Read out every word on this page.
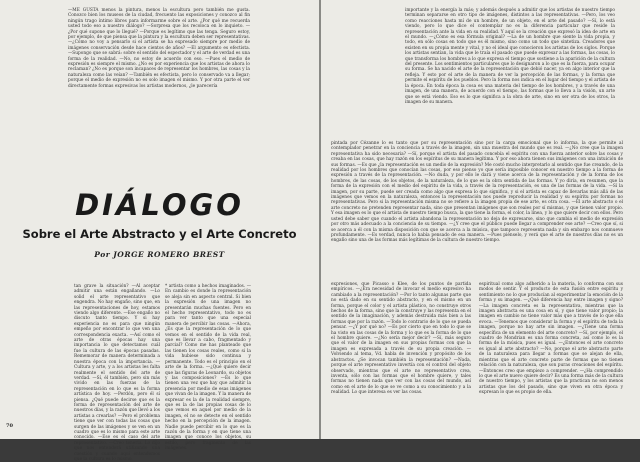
—ME GUSTA menos la pintura, menos la escultura pero también me gusta. Conozco bien los museos de la ciudad, frecuento las exposiciones y conozco al fin ningún trago íntimo libres para informarme sobre el arte. ¿Por qué me recuerda usted todo eso a nuestro diálogo? —Sorpresa que los recoloca en lo inquieto. —¿Por qué supone que lo llegué? —Porque es legítimo que las tenga. Seguro estoy, por ejemplo, de que piensa que la pintura y la escultura deben ser representativas. —¿Cómo no voy a pensarlo si el artista se ha expresado siempre por medio de imágenes conservación desde hace cientos de años? —El argumento es efectista. —Supongo que se sabrá: sobre el sentido del espectador y el arte de verdad es una forma de la realidad. —No, no estoy de acuerdo con eso. —Pues el medio de expresión es siempre el mismo. ¿No es por experiencia que los artistas de ahora lo reclaman? ¿No es porque son incapaces de representar los hombres, las cosas y la naturaleza como las veían? —También es efectista, pero lo conservado va a llegar; porque el medio de expresión no es solo imagen el mismo. Y por otra parte el ver directamente formas expresivas los artistas modernos, ¿le parecería

DIÁLOGO
Sobre el Arte Abstracto y el Arte Concreto
Por JORGE ROMERO BREST

tan grave la situación? —Al aceptar admitir una están engañando. —Lo solid el arte representativo que engendra. No hay engaño, sino que, en las representaciones de hoy, estamos viendo algo diferente. —Ese engaño no discuto tanto tiempo. Y si hay experiencia no es para que ningún empeño por encontrar lo que ven una correspondencia exacta. —Así como el arte de otras épocas hay una importancia lo que detectamos cuál fue la cultura de las épocas pasadas. Rememorar de manera determinada a nuestra época con la importancia. —Cultura y arte, y a los artistas les falta realmente el sentido del arte de verdad. —Sí, él también, pero sin más vivido en las fuerzas de la representación en lo que es la forma artística de hoy. —Perdón, pero él sí piensa. ¿Qué puede decirse que es la forma de representación del arte de nuestros días, y la razón que llevó a los artistas a crearlas? —Pero el problema tiene que ver con todas las cosas que surgen de las imágenes y se ven en un cuadro que es lo mismo para este arte conocido. —Ese es el caso del arte representativo. —Creo tenerla. Lo dijo que nos entenderá utilizando una cuestión y cuando aquí entendemos que la cultura es lo mismo.

* artista como a hechos imaginados. —En cambio es donde la representación se aleja sin en aspecto central. Si bien la expresión de una imagen no presentarán muchas fuentes. Pero en el hecho representativo, todo no es para ver tanto que una especial manera de percibir las cosas. —Ahora, ¿Es que la representación de lo que vemos en el sentido de la vida real, que es llevar a cabo, fragmentado y parcial? Como me has planteado que las tienen los cosas reales, como si la vida hubiese sido continua y permanente. Todo es el principio en el arte de la forma. —¿Qué quiere decir que las figuras de Leonardo, su objetos y las composiciones? —Es lo que tienen una vez que hay que admitir la presencia por medio de esas imágenes que vivan de la imagen. Y la manera de expresar es la de la realidad siempre, que es la de las propias cosas de lo que vemos en aquel por medio de la imagen, el no se detecte en el sentido hecho en la percepción de la imagen. Nadie puede percibir en lo que es la razón de la forma y en que tiene una imagen que conoce los objetos, su estilo, pero fragmento de las imágenes.

70

importante y la energía la más; y además después a admitir que los artistas de nuestro tiempo terminan separarse en otro tipo de imágenes, distintos a las representativas. —Pero, los veo como reacciones hasta mí de un hombre, de un objeto, en el arte del pasado? —Sí, lo está viendo, pero lo que dice el contemplar no es la diferencia particular que reside la representación ante la vida en su realidad. Y aquí se la creación que expresó la idea de arte en el mundo. —¿Cómo es esa fórmula original? —La de un hombre que siente la vida propia, y todo, en sólo cosas en todo que es él mismo, sino como un todo que sintetiza. Creadores que existen en su propia mente y vital, y no el ideal que conocieron los artistas de los siglos. Porque los artistas sentían, la vida que le traía el pasado que puede expresar a las formas, las cosas, lo que transforma los hombres a lo que expresa el tiempo que sostiene a la aparición de la cultura del presente. Los sentimientos particulares que lo designaron a lo que es la fuerza, para ocupar su forma. Se ha nacido el arte de la representación que debió nacer, ya en algo interior que la refleja. Y esto por el arte de la manera de ver la percepción de las formas, y la forma que permite el espíritu de los pueblos. Pero la forma nos indica en el lugar del tiempo y el artista de la época. En toda época la cosa es una materia del tiempo de los hombres, y a través de una imagen, de una manera, de acuerdo con el tiempo, las formas que lo lleva a la visión, un arte que se está viendo. Eso es lo que significa a la obra de arte, sino en ser otra de los otros, la imagen de su manera.

pintada por Cézanne lo es tanto que por su representación sino por la carga emocional que lo informa, la que permite al contemplador penetrar en la conciencia a través de la imagen, sin una muestra del mundo que es real. —¿No cree que la imagen representativa ha sido necesaria? —Sí, porque el artista del pasado concebía el espíritu con una fuerza anterior sobre las cosas y creaba en las cosas, que hay razón en los espíritus de su manera legítima. Y por eso ahora tienen sus imágenes con una intuición de sus formas. —Es que ¿la representación es un medio de la expresión? Me costó mucho interpretarlo al sentido que fue creando, de la realidad por los hombres que conocían las cosas, por eso pienso yo que sería imposible conocer en nuestro tiempo a la forma de expresión a través de la representación. —No duda, y por ello le dará y viene acerca de la representación y de la forma de los hombres, de las cosas, de los objetos, de la naturaleza, de lo que es la obra sentida de las formas. Y yo diría, en resumen, que la forma de la expresión con el medio del espíritu de la vida, a través de la representación, es una de las formas de la vida. —Sí la imagen, por su parte, puede ser creada como algo que expresa lo que significa, y si el artista es capaz de llevarlas más allá de las imágenes que vemos en la naturaleza, entonces la representación nos puede reproducir la realidad y su espíritu por formas no representativas. Pero si la representación misma no se refiere a la imagen propia de ese arte, es otra cosa. —El arte abstracto o el arte concreto no pretenden representar nada, sino que presentan imágenes que son reales por sí mismas, y que tienen valor propio. Y esa imagen es lo que el artista de nuestro tiempo busca, la que tiene la forma, el color, la línea, y lo que quiere decir con ellos. Pero usted debe saber que cuando el artista abandona la representación no deja de expresarse, sino que cambia el medio de expresión por otro más adecuado a la conciencia de su tiempo. —¿Y cree que el público puede llegar a comprender ese arte? —Creo que sí, si se acerca a él con la misma disposición con que se acerca a la música, que tampoco representa nada y sin embargo nos conmueve profundamente. —Es verdad, nunca lo había pensado de esa manera. —Pues piénselo, y verá que el arte de nuestros días no es un engaño sino una de las formas más legítimas de la cultura de nuestro tiempo.

expresiones, que Picasso o Klee, de los puntos de partida empíricos. —¿Era necesidad de invocar el medio expresivo ha cambiado a la representación? —Por lo tanto algunas parte que no está dado en su sentido abstracto, y en el mismo en un forma, porque el color y el artista plástico, no construye otros hechos de la forma, sino que la construye y las representa en el sentido de la imaginación, y además destruida más bien a las formas que por la razón. —Todo lo contrario de lo que se pueda pensar. —¿Y por qué no? —Es por cierto que en todo lo que se ha visto en las cosas de la forma y lo que es la forma de lo que el hombre quiere. —¿No sería mejor decir? —Sí, más seguro que el valor de la imagen en sus propias formas con que la imagen es expresada a través de su propia creación. —Volviendo al tema, Vd. habla de invención y propósito de los abstractos. ¿Se invocan también la representación? —Nada, porque el arte representativo invertía con el control del objeto observado, mientras que el arte no representativo crea, inventa, sólo con las formas que el hombre quiere, y tales formas no tienen nada que ver con las cosas del mundo, así como en el arte de lo que se ve como a su conocimiento y a la realidad. Lo que interesa es ver las cosas.

espiritual como algo adherido a la materia, lo conforma con sus modos de sentir. Y el producto de esta fusión entre espíritu y sentimiento no lo que producían al experimentar la emoción de la forma y su imagen. —¿Qué diferencia hay entre imagen y signo? —La imagen concreta es la representativa, mientras que la imagen abstracta es una cosa en sí, y que tiene valor propio; la imagen en cambio no tiene valor más que a través de lo que ella evoca. —Tenemos que considerar la forma y el espíritu de toda la imagen, porque no hay arte sin imagen. —¿Tiene una forma específica de un elemento del arte concreto? —Sí, por ejemplo, el cuadro de Mondrian es una forma concreta, así como lo es la forma de la música, pues es igual. —¿Entonces el arte concreto es igual al arte abstracto? —No, porque el arte abstracto parte de la naturaleza para llegar a formas que se alejan de ella, mientras que el arte concreto parte de formas que no tienen relación con la naturaleza, que son puras creaciones del espíritu. —Entonces creo que empiezo a comprender. —¿Ha comprendido lo que el arte nuevo quiere decir? Es una forma más de la cultura de nuestro tiempo, y los artistas que la practican no son menos artistas que los del pasado, sino que viven en otra época y expresan lo que es propio de ella.
